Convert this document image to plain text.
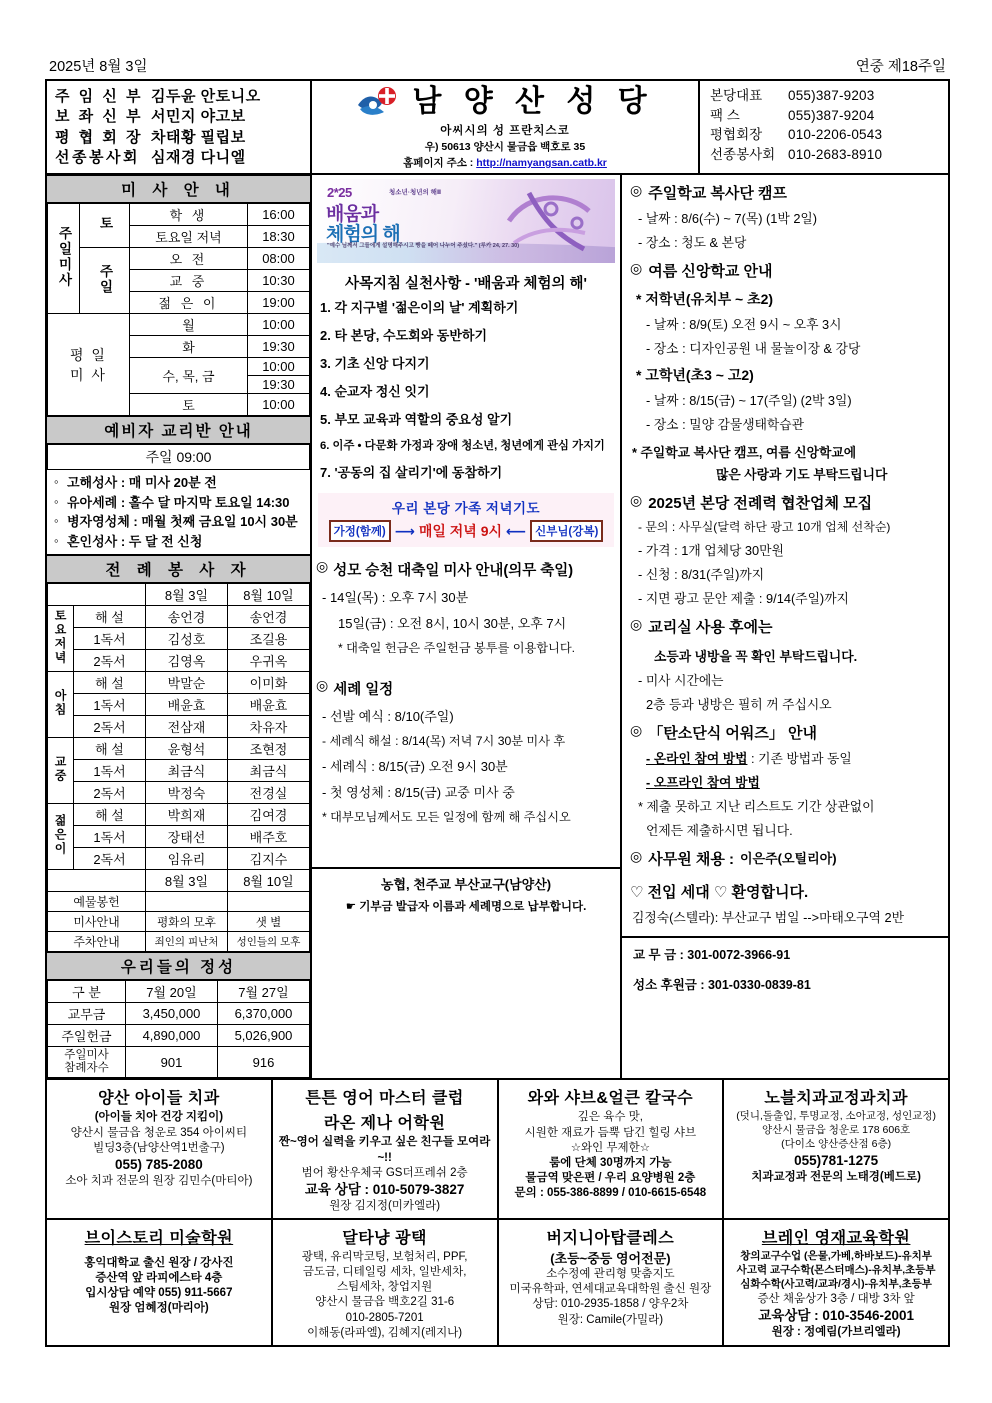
2025년 8월 3일	연중 제18주일
주 임 신 부 김두윤 안토니오
보 좌 신 부 서민지 야고보
평 협 회 장 차태황 필립보
선종봉사회 심재경 다니엘
남 양 산 성 당
아씨시의 성 프란치스코
우) 50613 양산시 물금읍 백호로 35
홈페이지 주소 : http://namyangsan.catb.kr
본당대표	055)387-9203
팩 스	055)387-9204
평협회장	010-2206-0543
선종봉사회 010-2683-8910
미 사 안 내
주일미사	토	학 생	16:00
		토요일 저녁	18:30
	주일	오 전	08:00
		교 중	10:30
		젊 은 이	19:00
평 일
미 사		월	10:00
		화	19:30
		수, 목, 금	10:00
			19:30
		토	10:00
예비자 교리반 안내
주일 09:00
◦ 고해성사 : 매 미사 20분 전
◦ 유아세례 : 홀수 달 마지막 토요일 14:30
◦ 병자영성체 : 매월 첫째 금요일 10시 30분
◦ 혼인성사 : 두 달 전 신청
전 례 봉 사 자
		8월 3일	8월 10일
토요저녁	해 설	송언경	송언경
	1독서	김성호	조길용
	2독서	김영옥	우귀옥
아침	해 설	박말순	이미화
	1독서	배윤효	배윤효
	2독서	전삼재	차유자
교중	해 설	윤형석	조현정
	1독서	최금식	최금식
	2독서	박정숙	전경실
젊은이	해 설	박희재	김여경
	1독서	장태선	배주호
	2독서	임유리	김지수
		8월 3일	8월 10일
예물봉헌			
미사안내		평화의 모후	샛 별
주차안내		죄인의 피난처	성인들의 모후
우리들의 정성
구 분	7월 20일	7월 27일
교무금	3,450,000	6,370,000
주일헌금	4,890,000	5,026,900
주일미사
참례자수	901	916
2*25	청소년·청년의 해Ⅱ
배움과
체험의 해
"예수 님께서 그들에게 설명해주시고 빵을 떼어 나누어 주셨다." (루카 24, 27. 30)
사목지침 실천사항 - '배움과 체험의 해'
1. 각 지구별 '젊은이의 날' 계획하기
2. 타 본당, 수도회와 동반하기
3. 기초 신앙 다지기
4. 순교자 정신 잇기
5. 부모 교육과 역할의 중요성 알기
6. 이주 • 다문화 가정과 장애 청소년, 청년에게 관심 가지기
7. '공동의 집 살리기'에 동참하기
우리 본당 가족 저녁기도
가정(함께) ⟶ 매일 저녁 9시 ⟵ 신부님(강복)
◎ 성모 승천 대축일 미사 안내(의무 축일)
- 14일(목) : 오후 7시 30분
15일(금) : 오전 8시, 10시 30분, 오후 7시
* 대축일 헌금은 주일헌금 봉투를 이용합니다.
◎ 세례 일정
- 선발 예식 : 8/10(주일)
- 세례식 해설 : 8/14(목) 저녁 7시 30분 미사 후
- 세례식 : 8/15(금) 오전 9시 30분
- 첫 영성체 : 8/15(금) 교중 미사 중
* 대부모님께서도 모든 일정에 함께 해 주십시오
농협, 천주교 부산교구(남양산)
☛ 기부금 발급자 이름과 세례명으로 납부합니다.
◎ 주일학교 복사단 캠프
- 날짜 : 8/6(수) ~ 7(목) (1박 2일)
- 장소 : 청도 & 본당
◎ 여름 신앙학교 안내
* 저학년(유치부 ~ 초2)
- 날짜 : 8/9(토) 오전 9시 ~ 오후 3시
- 장소 : 디자인공원 내 물놀이장 & 강당
* 고학년(초3 ~ 고2)
- 날짜 : 8/15(금) ~ 17(주일) (2박 3일)
- 장소 : 밀양 감물생태학습관
* 주일학교 복사단 캠프, 여름 신앙학교에
많은 사랑과 기도 부탁드립니다
◎ 2025년 본당 전례력 협찬업체 모집
- 문의 : 사무실(달력 하단 광고 10개 업체 선착순)
- 가격 : 1개 업체당 30만원
- 신청 : 8/31(주일)까지
- 지면 광고 문안 제출 : 9/14(주일)까지
◎ 교리실 사용 후에는
소등과 냉방을 꼭 확인 부탁드립니다.
- 미사 시간에는
2층 등과 냉방은 필히 꺼 주십시오
◎ 「탄소단식 어워즈」 안내
- 온라인 참여 방법 : 기존 방법과 동일
- 오프라인 참여 방법
* 제출 못하고 지난 리스트도 기간 상관없이
언제든 제출하시면 됩니다.
◎ 사무원 채용 : 이은주(오틸리아)
♡ 전입 세대 ♡ 환영합니다.
김정숙(스텔라): 부산교구 범일 -->마태오구역 2반
교 무 금 : 301-0072-3966-91
성소 후원금 : 301-0330-0839-81
양산 아이들 치과

(아이들 치아 건강 지킴이)

양산시 물금읍 청운로 354 아이씨티

빌딩3층(남양산역1번출구)

055) 785-2080

소아 치과 전문의 원장 김민수(마티아)

튼튼 영어 마스터 클럽
라온 제나 어학원

짠~영어 실력을 키우고 싶은 친구들 모여라~!!

범어 황산우체국 GS더프레쉬 2층

교육 상담 : 010-5079-3827

원장 김지정(미카엘라)

와와 샤브&얼큰 칼국수

깊은 육수 맛,

시원한 재료가 듬뿍 담긴 힐링 샤브

☆와인 무제한☆

룸에 단체 30명까지 가능

물금역 맞은편 / 우리 요양병원 2층

문의 : 055-386-8899 / 010-6615-6548

노블치과교정과치과

(덧니,돌출입, 투명교정, 소아교정, 성인교정)

양산시 물금읍 청운로 178 606호

(다이소 양산증산점 6층)

055)781-1275

치과교정과 전문의 노태경(베드로)

브이스토리 미술학원

홍익대학교 출신 원장 / 강사진

증산역 앞 라피에스타 4층

입시상담 예약 055) 911-5667

원장 엄혜정(마리아)

달타냥 광택

광택, 유리막코팅, 보험처리, PPF,

금도금, 디테일링 세차, 일반세차,

스팀세차, 창업지원

양산시 물금읍 백호2길 31-6

010-2805-7201

이해동(라파엘), 김혜지(레지나)

버지니아탑클레스

(초등~중등 영어전문)

소수정예 관리형 맞춤지도

미국유학파, 연세대교육대학원 출신 원장

상담: 010-2935-1858 / 양우2차

원장: Camile(가밀라)

브레인 영재교육학원

창의교구수업 (은물,가베,하바보드)-유치부

사고력 교구수학(몬스터매스)-유치부,초등부

심화수학(사고력/교과/경시)-유치부,초등부

증산 채움상가 3층 / 대방 3차 앞

교육상담 : 010-3546-2001

원장 : 정예림(가브리엘라)
